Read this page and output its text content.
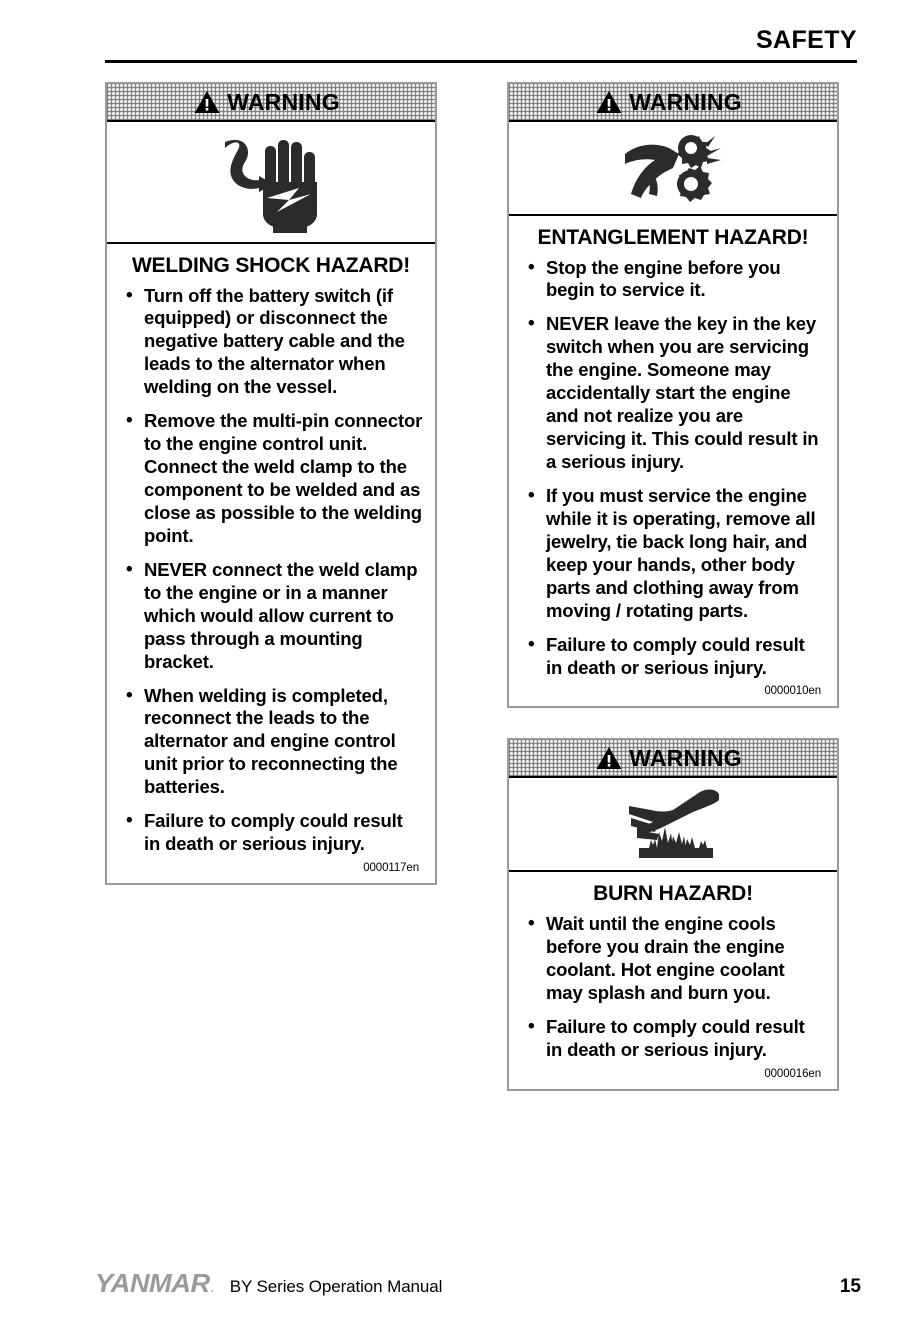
SAFETY
WARNING
WELDING SHOCK HAZARD!
• Turn off the battery switch (if equipped) or disconnect the negative battery cable and the leads to the alternator when welding on the vessel.
• Remove the multi-pin connector to the engine control unit. Connect the weld clamp to the component to be welded and as close as possible to the welding point.
• NEVER connect the weld clamp to the engine or in a manner which would allow current to pass through a mounting bracket.
• When welding is completed, reconnect the leads to the alternator and engine control unit prior to reconnecting the batteries.
• Failure to comply could result in death or serious injury.
0000117en
WARNING
ENTANGLEMENT HAZARD!
• Stop the engine before you begin to service it.
• NEVER leave the key in the key switch when you are servicing the engine. Someone may accidentally start the engine and not realize you are servicing it. This could result in a serious injury.
• If you must service the engine while it is operating, remove all jewelry, tie back long hair, and keep your hands, other body parts and clothing away from moving / rotating parts.
• Failure to comply could result in death or serious injury.
0000010en
WARNING
BURN HAZARD!
• Wait until the engine cools before you drain the engine coolant. Hot engine coolant may splash and burn you.
• Failure to comply could result in death or serious injury.
0000016en
YANMAR. BY Series Operation Manual	15
